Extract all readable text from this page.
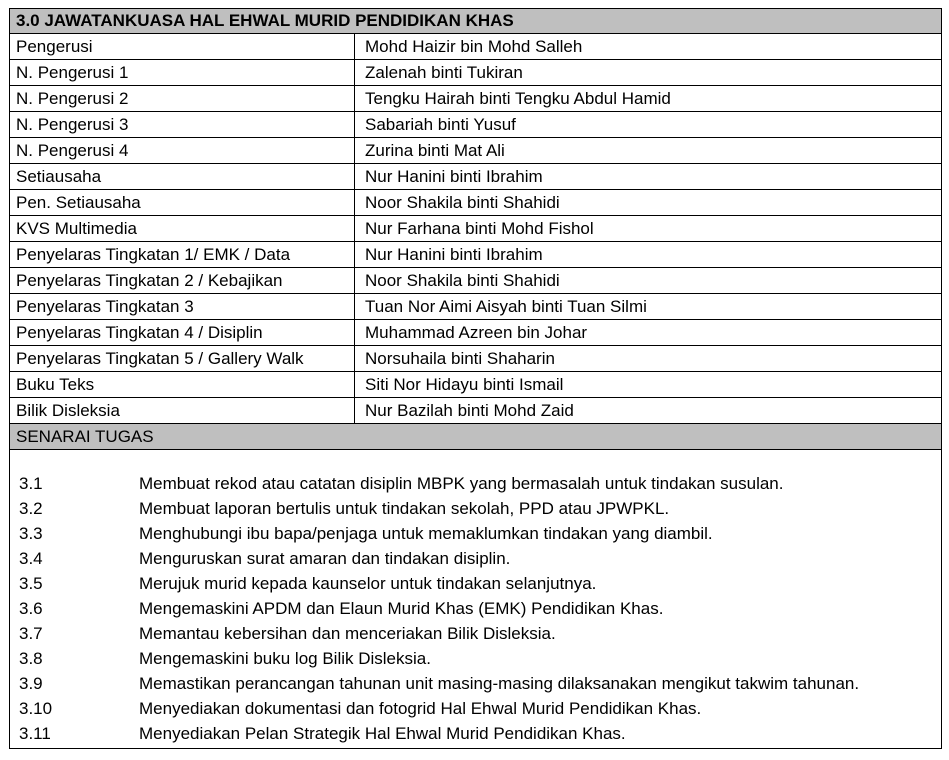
3.0 JAWATANKUASA HAL EHWAL MURID PENDIDIKAN KHAS
Pengerusi	Mohd Haizir bin Mohd Salleh
N. Pengerusi 1	Zalenah binti Tukiran
N. Pengerusi 2	Tengku Hairah binti Tengku Abdul Hamid
N. Pengerusi 3	Sabariah binti Yusuf
N. Pengerusi 4	Zurina binti Mat Ali
Setiausaha	Nur Hanini binti Ibrahim
Pen. Setiausaha	Noor Shakila binti Shahidi
KVS Multimedia	Nur Farhana binti Mohd Fishol
Penyelaras Tingkatan 1/ EMK / Data	Nur Hanini binti Ibrahim
Penyelaras Tingkatan 2 / Kebajikan	Noor Shakila binti Shahidi
Penyelaras Tingkatan 3	Tuan Nor Aimi Aisyah binti Tuan Silmi
Penyelaras Tingkatan 4 / Disiplin	Muhammad Azreen bin Johar
Penyelaras Tingkatan 5 / Gallery Walk	Norsuhaila binti Shaharin
Buku Teks	Siti Nor Hidayu binti Ismail
Bilik Disleksia	Nur Bazilah binti Mohd Zaid
SENARAI TUGAS
3.1	Membuat rekod atau catatan disiplin MBPK yang bermasalah untuk tindakan susulan.
3.2	Membuat laporan bertulis untuk tindakan sekolah, PPD atau JPWPKL.
3.3	Menghubungi ibu bapa/penjaga untuk memaklumkan tindakan yang diambil.
3.4	Menguruskan surat amaran dan tindakan disiplin.
3.5	Merujuk murid kepada kaunselor untuk tindakan selanjutnya.
3.6	Mengemaskini APDM dan Elaun Murid Khas (EMK) Pendidikan Khas.
3.7	Memantau kebersihan dan menceriakan Bilik Disleksia.
3.8	Mengemaskini buku log Bilik Disleksia.
3.9	Memastikan perancangan tahunan unit masing-masing dilaksanakan mengikut takwim tahunan.
3.10	Menyediakan dokumentasi dan fotogrid Hal Ehwal Murid Pendidikan Khas.
3.11	Menyediakan Pelan Strategik Hal Ehwal Murid Pendidikan Khas.
